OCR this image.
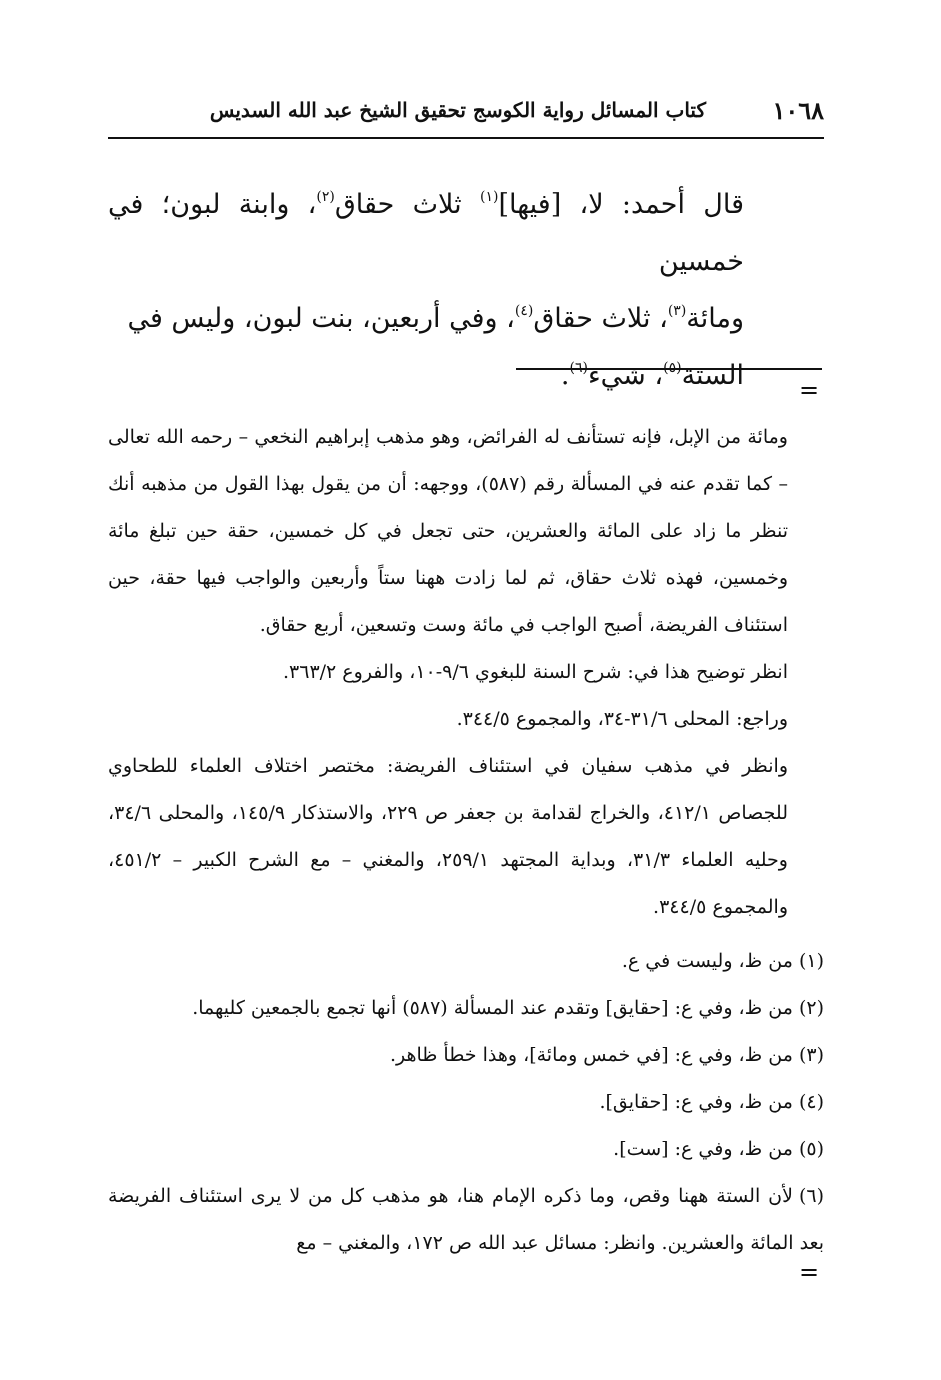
١٠٦٨
كتاب المسائل رواية الكوسج تحقيق الشيخ عبد الله السديس

قال أحمد: لا، [فيها]$^{(١)}$ ثلاث حقاق$^{(٢)}$، وابنة لبون؛ في خمسين

ومائة$^{(٣)}$، ثلاث حقاق$^{(٤)}$، وفي أربعين، بنت لبون، وليس في

الستة$^{(٥)}$، شيء$^{(٦)}$.	=

ومائة من الإبل، فإنه تستأنف له الفرائض، وهو مذهب إبراهيم النخعي – رحمه الله تعالى – كما تقدم عنه في المسألة رقم (٥٨٧)، ووجهه: أن من يقول بهذا القول من مذهبه أنك تنظر ما زاد على المائة والعشرين، حتى تجعل في كل خمسين، حقة حين تبلغ مائة وخمسين، فهذه ثلاث حقاق، ثم لما زادت ههنا ستاً وأربعين والواجب فيها حقة، حين استئناف الفريضة، أصبح الواجب في مائة وست وتسعين، أربع حقاق.

انظر توضيح هذا في: شرح السنة للبغوي ٩/٦-١٠، والفروع ٣٦٣/٢.

وراجع: المحلى ٣١/٦-٣٤، والمجموع ٣٤٤/٥.

وانظر في مذهب سفيان في استئناف الفريضة: مختصر اختلاف العلماء للطحاوي للجصاص ٤١٢/١، والخراج لقدامة بن جعفر ص ٢٢٩، والاستذكار ١٤٥/٩، والمحلى ٣٤/٦، وحليه العلماء ٣١/٣، وبداية المجتهد ٢٥٩/١، والمغني – مع الشرح الكبير – ٤٥١/٢، والمجموع ٣٤٤/٥.

(١)من ظ، وليست في ع.

(٢)من ظ، وفي ع: [حقايق] وتقدم عند المسألة (٥٨٧) أنها تجمع بالجمعين كليهما.

(٣)من ظ، وفي ع: [في خمس ومائة]، وهذا خطأ ظاهر.

(٤)من ظ، وفي ع: [حقايق].

(٥)من ظ، وفي ع: [ست].

(٦)لأن الستة ههنا وقص، وما ذكره الإمام هنا، هو مذهب كل من لا يرى استئناف الفريضة بعد المائة والعشرين. وانظر: مسائل عبد الله ص ١٧٢، والمغني – مع

=
